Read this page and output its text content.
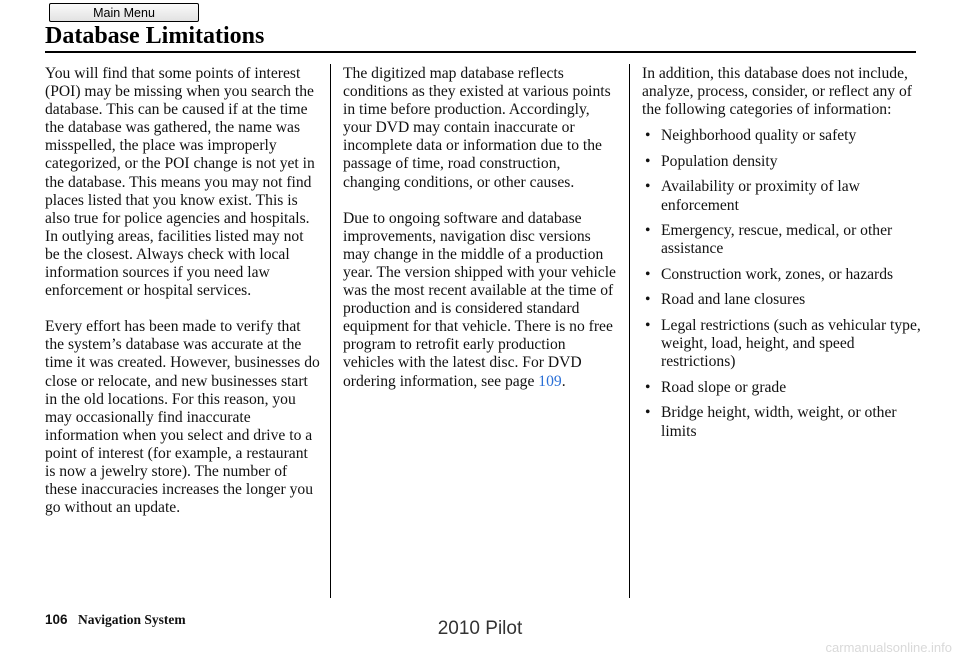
Main Menu
Database Limitations

You will find that some points of interest (POI) may be missing when you search the database. This can be caused if at the time the database was gathered, the name was misspelled, the place was improperly categorized, or the POI change is not yet in the database. This means you may not find places listed that you know exist. This is also true for police agencies and hospitals. In outlying areas, facilities listed may not be the closest. Always check with local information sources if you need law enforcement or hospital services.

Every effort has been made to verify that the system’s database was accurate at the time it was created. However, businesses do close or relocate, and new businesses start in the old locations. For this reason, you may occasionally find inaccurate information when you select and drive to a point of interest (for example, a restaurant is now a jewelry store). The number of these inaccuracies increases the longer you go without an update.

The digitized map database reflects conditions as they existed at various points in time before production. Accordingly, your DVD may contain inaccurate or incomplete data or information due to the passage of time, road construction, changing conditions, or other causes.

Due to ongoing software and database improvements, navigation disc versions may change in the middle of a production year. The version shipped with your vehicle was the most recent available at the time of production and is considered standard equipment for that vehicle. There is no free program to retrofit early production vehicles with the latest disc. For DVD ordering information, see page 109.

In addition, this database does not include, analyze, process, consider, or reflect any of the following categories of information:

• Neighborhood quality or safety
• Population density
• Availability or proximity of law enforcement
• Emergency, rescue, medical, or other assistance
• Construction work, zones, or hazards
• Road and lane closures
• Legal restrictions (such as vehicular type, weight, load, height, and speed restrictions)
• Road slope or grade
• Bridge height, width, weight, or other limits
106 Navigation System	2010 Pilot
carmanualsonline.info
